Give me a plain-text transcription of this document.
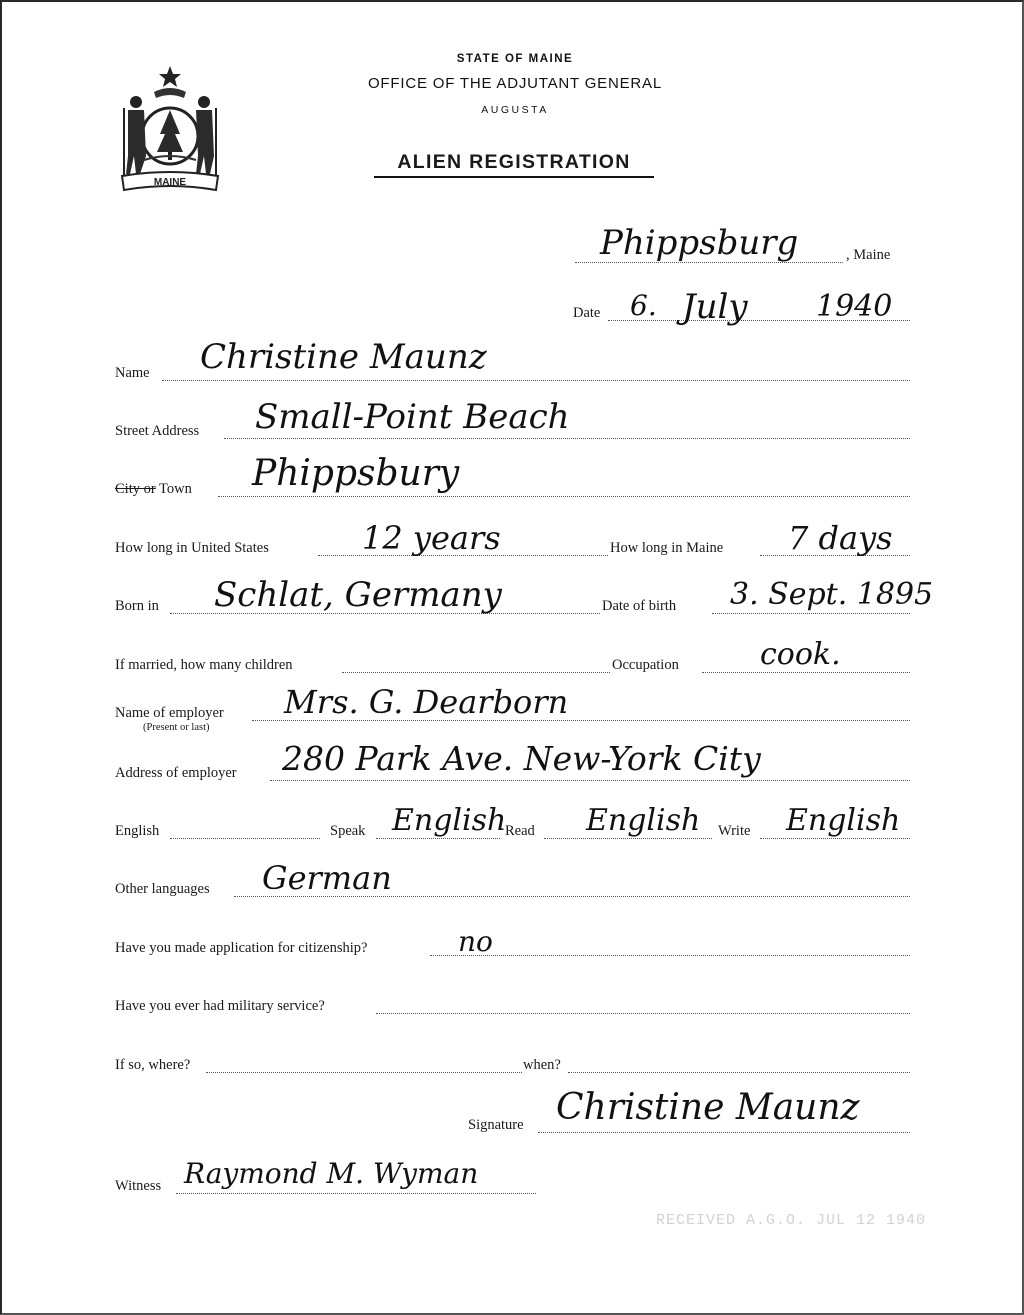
MAINE
STATE OF MAINE
OFFICE OF THE ADJUTANT GENERAL
AUGUSTA
ALIEN REGISTRATION
Phippsburg	, Maine
Date 6. July 1940
Name Christine Maunz
Street Address Small-Point Beach
City or Town Phippsbury
How long in United States	12 years	How long in Maine 7 days
Born in Schlat, Germany	Date of birth 3. Sept. 1895
If married, how many children	Occupation	cook.
Name of employer
(Present or last)
Mrs. G. Dearborn
Address of employer 280 Park Ave. New-York City
English	Speak English
Read English Write English
Other languages German
Have you made application for citizenship?	no
Have you ever had military service?
If so, where?	when?
Signature Christine Maunz
Witness Raymond M. Wyman
RECEIVED A.G.O. JUL 12 1940
